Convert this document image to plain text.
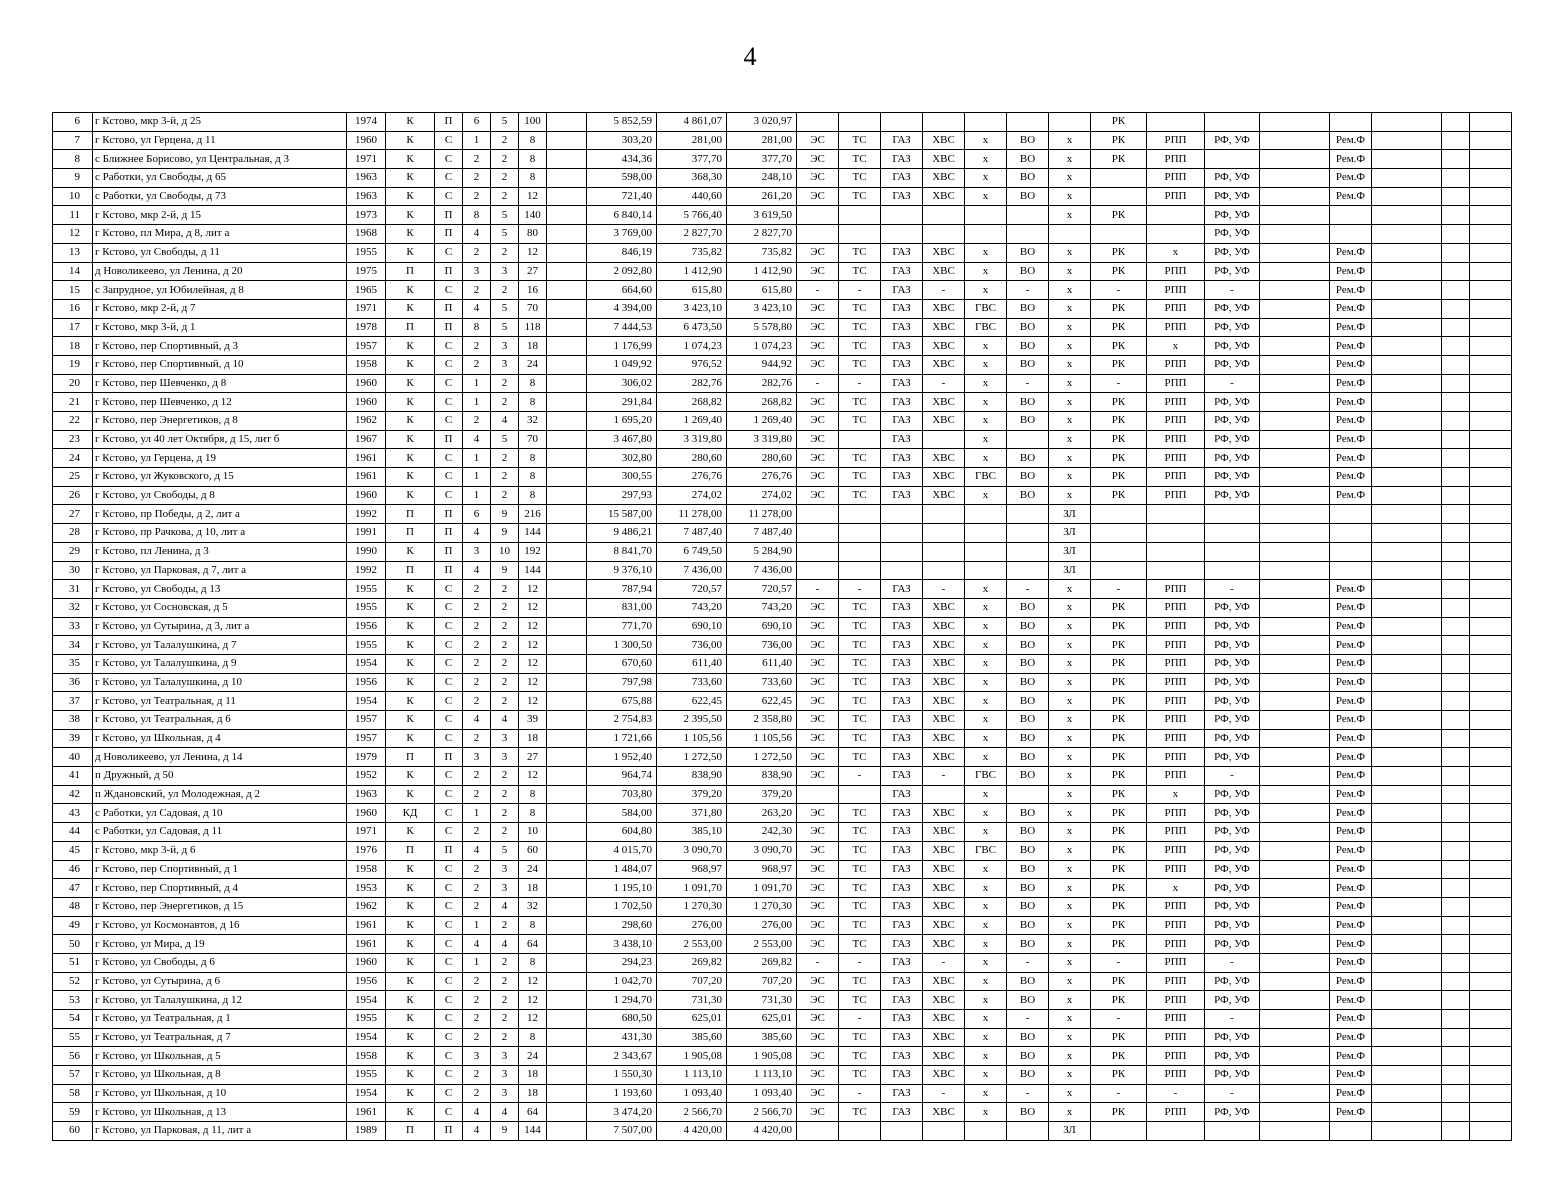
4
6	г Кстово, мкр 3-й, д 25	1974	К	П	6	5	100		5 852,59	4 861,07	3 020,97								РК							
7	г Кстово, ул Герцена, д 11	1960	К	С	1	2	8		303,20	281,00	281,00	ЭС	ТС	ГАЗ	ХВС	х	ВО	х	РК	РПП	РФ, УФ		Рем.Ф			
8	с Ближнее Борисово, ул Центральная, д 3	1971	К	С	2	2	8		434,36	377,70	377,70	ЭС	ТС	ГАЗ	ХВС	х	ВО	х	РК	РПП			Рем.Ф			
9	с Работки, ул Свободы, д 65	1963	К	С	2	2	8		598,00	368,30	248,10	ЭС	ТС	ГАЗ	ХВС	х	ВО	х		РПП	РФ, УФ		Рем.Ф			
10	с Работки, ул Свободы, д 73	1963	К	С	2	2	12		721,40	440,60	261,20	ЭС	ТС	ГАЗ	ХВС	х	ВО	х		РПП	РФ, УФ		Рем.Ф			
11	г Кстово, мкр 2-й, д 15	1973	К	П	8	5	140		6 840,14	5 766,40	3 619,50							х	РК		РФ, УФ					
12	г Кстово, пл Мира, д 8, лит а	1968	К	П	4	5	80		3 769,00	2 827,70	2 827,70										РФ, УФ					
13	г Кстово, ул Свободы, д 11	1955	К	С	2	2	12		846,19	735,82	735,82	ЭС	ТС	ГАЗ	ХВС	х	ВО	х	РК	х	РФ, УФ		Рем.Ф			
14	д Новоликеево, ул Ленина, д 20	1975	П	П	3	3	27		2 092,80	1 412,90	1 412,90	ЭС	ТС	ГАЗ	ХВС	х	ВО	х	РК	РПП	РФ, УФ		Рем.Ф			
15	с Запрудное, ул Юбилейная, д 8	1965	К	С	2	2	16		664,60	615,80	615,80	-	-	ГАЗ	-	х	-	х	-	РПП	-		Рем.Ф			
16	г Кстово, мкр 2-й, д 7	1971	К	П	4	5	70		4 394,00	3 423,10	3 423,10	ЭС	ТС	ГАЗ	ХВС	ГВС	ВО	х	РК	РПП	РФ, УФ		Рем.Ф			
17	г Кстово, мкр 3-й, д 1	1978	П	П	8	5	118		7 444,53	6 473,50	5 578,80	ЭС	ТС	ГАЗ	ХВС	ГВС	ВО	х	РК	РПП	РФ, УФ		Рем.Ф			
18	г Кстово, пер Спортивный, д 3	1957	К	С	2	3	18		1 176,99	1 074,23	1 074,23	ЭС	ТС	ГАЗ	ХВС	х	ВО	х	РК	х	РФ, УФ		Рем.Ф			
19	г Кстово, пер Спортивный, д 10	1958	К	С	2	3	24		1 049,92	976,52	944,92	ЭС	ТС	ГАЗ	ХВС	х	ВО	х	РК	РПП	РФ, УФ		Рем.Ф			
20	г Кстово, пер Шевченко, д 8	1960	К	С	1	2	8		306,02	282,76	282,76	-	-	ГАЗ	-	х	-	х	-	РПП	-		Рем.Ф			
21	г Кстово, пер Шевченко, д 12	1960	К	С	1	2	8		291,84	268,82	268,82	ЭС	ТС	ГАЗ	ХВС	х	ВО	х	РК	РПП	РФ, УФ		Рем.Ф			
22	г Кстово, пер Энергетиков, д 8	1962	К	С	2	4	32		1 695,20	1 269,40	1 269,40	ЭС	ТС	ГАЗ	ХВС	х	ВО	х	РК	РПП	РФ, УФ		Рем.Ф			
23	г Кстово, ул 40 лет Октября, д 15, лит б	1967	К	П	4	5	70		3 467,80	3 319,80	3 319,80	ЭС		ГАЗ		х		х	РК	РПП	РФ, УФ		Рем.Ф			
24	г Кстово, ул Герцена, д 19	1961	К	С	1	2	8		302,80	280,60	280,60	ЭС	ТС	ГАЗ	ХВС	х	ВО	х	РК	РПП	РФ, УФ		Рем.Ф			
25	г Кстово, ул Жуковского, д 15	1961	К	С	1	2	8		300,55	276,76	276,76	ЭС	ТС	ГАЗ	ХВС	ГВС	ВО	х	РК	РПП	РФ, УФ		Рем.Ф			
26	г Кстово, ул Свободы, д 8	1960	К	С	1	2	8		297,93	274,02	274,02	ЭС	ТС	ГАЗ	ХВС	х	ВО	х	РК	РПП	РФ, УФ		Рем.Ф			
27	г Кстово, пр Победы, д 2, лит а	1992	П	П	6	9	216		15 587,00	11 278,00	11 278,00							ЗЛ								
28	г Кстово, пр Рачкова, д 10, лит а	1991	П	П	4	9	144		9 486,21	7 487,40	7 487,40							ЗЛ								
29	г Кстово, пл Ленина, д 3	1990	К	П	3	10	192		8 841,70	6 749,50	5 284,90							ЗЛ								
30	г Кстово, ул Парковая, д 7, лит а	1992	П	П	4	9	144		9 376,10	7 436,00	7 436,00							ЗЛ								
31	г Кстово, ул Свободы, д 13	1955	К	С	2	2	12		787,94	720,57	720,57	-	-	ГАЗ	-	х	-	х	-	РПП	-		Рем.Ф			
32	г Кстово, ул Сосновская, д 5	1955	К	С	2	2	12		831,00	743,20	743,20	ЭС	ТС	ГАЗ	ХВС	х	ВО	х	РК	РПП	РФ, УФ		Рем.Ф			
33	г Кстово, ул Сутырина, д 3, лит а	1956	К	С	2	2	12		771,70	690,10	690,10	ЭС	ТС	ГАЗ	ХВС	х	ВО	х	РК	РПП	РФ, УФ		Рем.Ф			
34	г Кстово, ул Талалушкина, д 7	1955	К	С	2	2	12		1 300,50	736,00	736,00	ЭС	ТС	ГАЗ	ХВС	х	ВО	х	РК	РПП	РФ, УФ		Рем.Ф			
35	г Кстово, ул Талалушкина, д 9	1954	К	С	2	2	12		670,60	611,40	611,40	ЭС	ТС	ГАЗ	ХВС	х	ВО	х	РК	РПП	РФ, УФ		Рем.Ф			
36	г Кстово, ул Талалушкина, д 10	1956	К	С	2	2	12		797,98	733,60	733,60	ЭС	ТС	ГАЗ	ХВС	х	ВО	х	РК	РПП	РФ, УФ		Рем.Ф			
37	г Кстово, ул Театральная, д 11	1954	К	С	2	2	12		675,88	622,45	622,45	ЭС	ТС	ГАЗ	ХВС	х	ВО	х	РК	РПП	РФ, УФ		Рем.Ф			
38	г Кстово, ул Театральная, д 6	1957	К	С	4	4	39		2 754,83	2 395,50	2 358,80	ЭС	ТС	ГАЗ	ХВС	х	ВО	х	РК	РПП	РФ, УФ		Рем.Ф			
39	г Кстово, ул Школьная, д 4	1957	К	С	2	3	18		1 721,66	1 105,56	1 105,56	ЭС	ТС	ГАЗ	ХВС	х	ВО	х	РК	РПП	РФ, УФ		Рем.Ф			
40	д Новоликеево, ул Ленина, д 14	1979	П	П	3	3	27		1 952,40	1 272,50	1 272,50	ЭС	ТС	ГАЗ	ХВС	х	ВО	х	РК	РПП	РФ, УФ		Рем.Ф			
41	п Дружный, д 50	1952	К	С	2	2	12		964,74	838,90	838,90	ЭС	-	ГАЗ	-	ГВС	ВО	х	РК	РПП	-		Рем.Ф			
42	п Ждановский, ул Молодежная, д 2	1963	К	С	2	2	8		703,80	379,20	379,20			ГАЗ		х		х	РК	х	РФ, УФ		Рем.Ф			
43	с Работки, ул Садовая, д 10	1960	КД	С	1	2	8		584,00	371,80	263,20	ЭС	ТС	ГАЗ	ХВС	х	ВО	х	РК	РПП	РФ, УФ		Рем.Ф			
44	с Работки, ул Садовая, д 11	1971	К	С	2	2	10		604,80	385,10	242,30	ЭС	ТС	ГАЗ	ХВС	х	ВО	х	РК	РПП	РФ, УФ		Рем.Ф			
45	г Кстово, мкр 3-й, д 6	1976	П	П	4	5	60		4 015,70	3 090,70	3 090,70	ЭС	ТС	ГАЗ	ХВС	ГВС	ВО	х	РК	РПП	РФ, УФ		Рем.Ф			
46	г Кстово, пер Спортивный, д 1	1958	К	С	2	3	24		1 484,07	968,97	968,97	ЭС	ТС	ГАЗ	ХВС	х	ВО	х	РК	РПП	РФ, УФ		Рем.Ф			
47	г Кстово, пер Спортивный, д 4	1953	К	С	2	3	18		1 195,10	1 091,70	1 091,70	ЭС	ТС	ГАЗ	ХВС	х	ВО	х	РК	х	РФ, УФ		Рем.Ф			
48	г Кстово, пер Энергетиков, д 15	1962	К	С	2	4	32		1 702,50	1 270,30	1 270,30	ЭС	ТС	ГАЗ	ХВС	х	ВО	х	РК	РПП	РФ, УФ		Рем.Ф			
49	г Кстово, ул Космонавтов, д 16	1961	К	С	1	2	8		298,60	276,00	276,00	ЭС	ТС	ГАЗ	ХВС	х	ВО	х	РК	РПП	РФ, УФ		Рем.Ф			
50	г Кстово, ул Мира, д 19	1961	К	С	4	4	64		3 438,10	2 553,00	2 553,00	ЭС	ТС	ГАЗ	ХВС	х	ВО	х	РК	РПП	РФ, УФ		Рем.Ф			
51	г Кстово, ул Свободы, д 6	1960	К	С	1	2	8		294,23	269,82	269,82	-	-	ГАЗ	-	х	-	х	-	РПП	-		Рем.Ф			
52	г Кстово, ул Сутырина, д 6	1956	К	С	2	2	12		1 042,70	707,20	707,20	ЭС	ТС	ГАЗ	ХВС	х	ВО	х	РК	РПП	РФ, УФ		Рем.Ф			
53	г Кстово, ул Талалушкина, д 12	1954	К	С	2	2	12		1 294,70	731,30	731,30	ЭС	ТС	ГАЗ	ХВС	х	ВО	х	РК	РПП	РФ, УФ		Рем.Ф			
54	г Кстово, ул Театральная, д 1	1955	К	С	2	2	12		680,50	625,01	625,01	ЭС	-	ГАЗ	ХВС	х	-	х	-	РПП	-		Рем.Ф			
55	г Кстово, ул Театральная, д 7	1954	К	С	2	2	8		431,30	385,60	385,60	ЭС	ТС	ГАЗ	ХВС	х	ВО	х	РК	РПП	РФ, УФ		Рем.Ф			
56	г Кстово, ул Школьная, д 5	1958	К	С	3	3	24		2 343,67	1 905,08	1 905,08	ЭС	ТС	ГАЗ	ХВС	х	ВО	х	РК	РПП	РФ, УФ		Рем.Ф			
57	г Кстово, ул Школьная, д 8	1955	К	С	2	3	18		1 550,30	1 113,10	1 113,10	ЭС	ТС	ГАЗ	ХВС	х	ВО	х	РК	РПП	РФ, УФ		Рем.Ф			
58	г Кстово, ул Школьная, д 10	1954	К	С	2	3	18		1 193,60	1 093,40	1 093,40	ЭС	-	ГАЗ	-	х	-	х	-	-	-		Рем.Ф			
59	г Кстово, ул Школьная, д 13	1961	К	С	4	4	64		3 474,20	2 566,70	2 566,70	ЭС	ТС	ГАЗ	ХВС	х	ВО	х	РК	РПП	РФ, УФ		Рем.Ф			
60	г Кстово, ул Парковая, д 11, лит а	1989	П	П	4	9	144		7 507,00	4 420,00	4 420,00							ЗЛ								
